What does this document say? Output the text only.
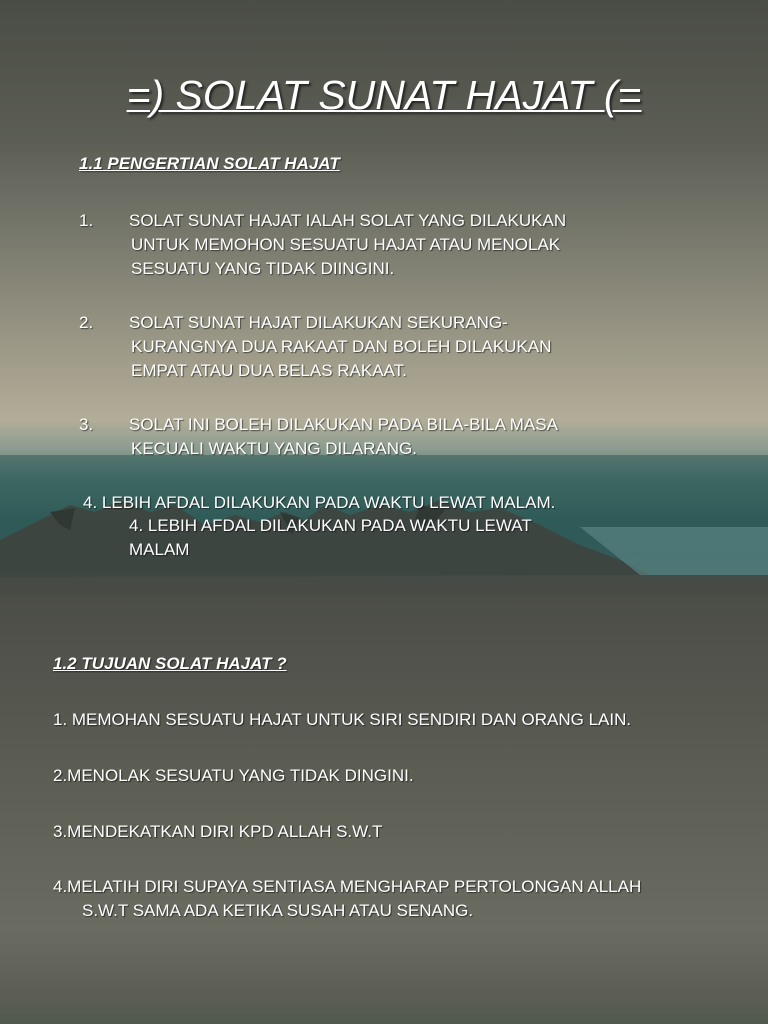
=) SOLAT SUNAT HAJAT (=
1.1 PENGERTIAN SOLAT HAJAT
1. SOLAT SUNAT HAJAT IALAH SOLAT YANG DILAKUKAN
UNTUK MEMOHON SESUATU HAJAT ATAU MENOLAK
SESUATU YANG TIDAK DIINGINI.
2. SOLAT SUNAT HAJAT DILAKUKAN SEKURANG-
KURANGNYA DUA RAKAAT DAN BOLEH DILAKUKAN
EMPAT ATAU DUA BELAS RAKAAT.
3. SOLAT INI BOLEH DILAKUKAN PADA BILA-BILA MASA
KECUALI WAKTU YANG DILARANG.
4. LEBIH AFDAL DILAKUKAN PADA WAKTU LEWAT MALAM.
4. LEBIH AFDAL DILAKUKAN PADA WAKTU LEWAT
MALAM
1.2 TUJUAN SOLAT HAJAT ?
1. MEMOHAN SESUATU HAJAT UNTUK SIRI SENDIRI DAN ORANG LAIN.
2.MENOLAK SESUATU YANG TIDAK DINGINI.
3.MENDEKATKAN DIRI KPD ALLAH S.W.T
4.MELATIH DIRI SUPAYA SENTIASA MENGHARAP PERTOLONGAN ALLAH
S.W.T SAMA ADA KETIKA SUSAH ATAU SENANG.
